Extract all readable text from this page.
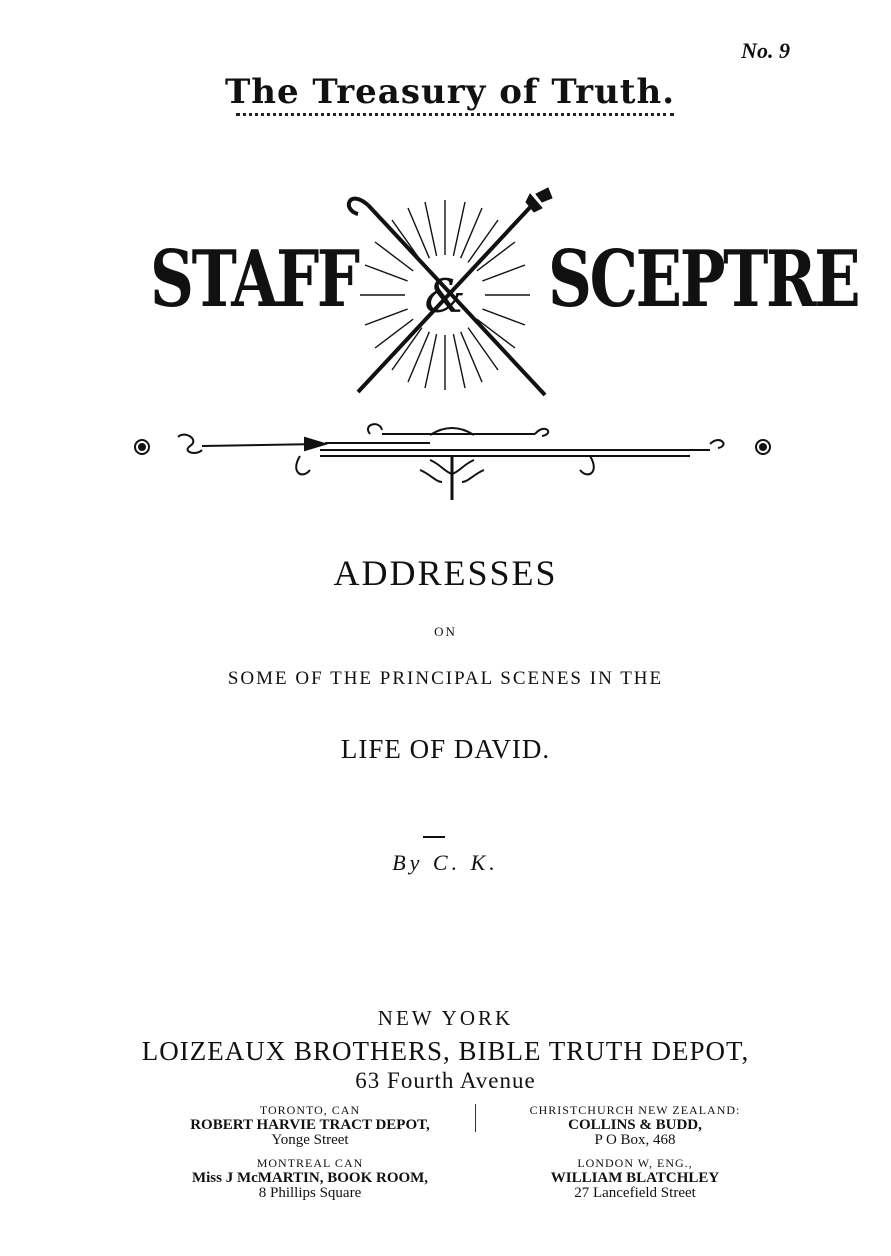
No. 9
The Treasury of Truth.
STAFF & SCEPTRE
ADDRESSES
ON
SOME OF THE PRINCIPAL SCENES IN THE
LIFE OF DAVID.
By C. K.
NEW YORK
LOIZEAUX BROTHERS, BIBLE TRUTH DEPOT,
63 Fourth Avenue
TORONTO, CAN
ROBERT HARVIE TRACT DEPOT,
Yonge Street
CHRISTCHURCH NEW ZEALAND:
COLLINS & BUDD,
P O Box, 468
MONTREAL CAN
Miss J McMARTIN, BOOK ROOM,
8 Phillips Square
LONDON W, ENG.,
WILLIAM BLATCHLEY
27 Lancefield Street
